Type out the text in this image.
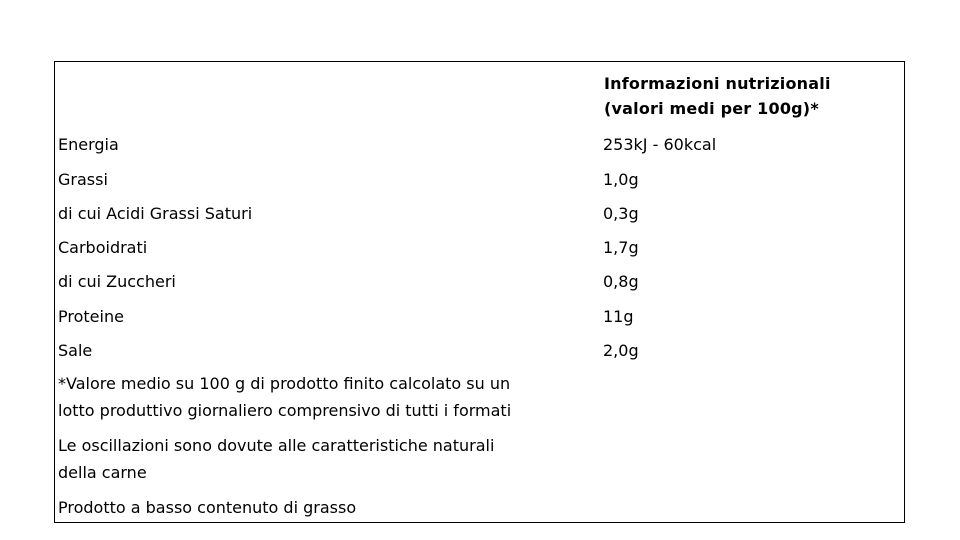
Informazioni nutrizionali
(valori medi per 100g)*
Energia	253kJ - 60kcal
Grassi	1,0g
di cui Acidi Grassi Saturi	0,3g
Carboidrati	1,7g
di cui Zuccheri	0,8g
Proteine	11g
Sale	2,0g
*Valore medio su 100 g di prodotto finito calcolato su un
lotto produttivo giornaliero comprensivo di tutti i formati
Le oscillazioni sono dovute alle caratteristiche naturali
della carne
Prodotto a basso contenuto di grasso
